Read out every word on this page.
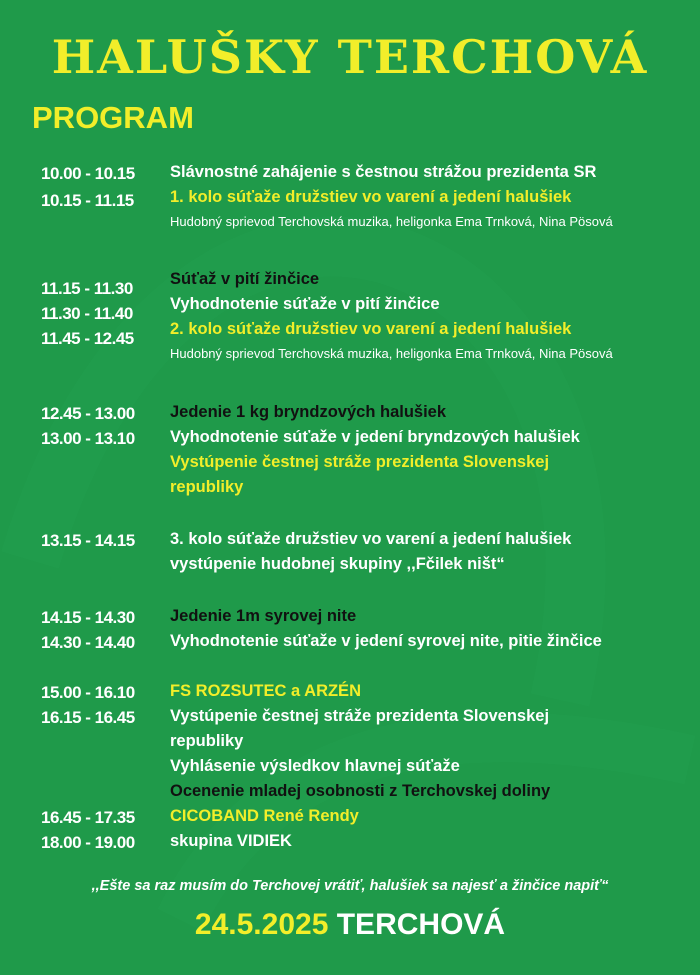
HALUŠKY TERCHOVÁ
PROGRAM
10.00 - 10.15
10.15 - 11.15
Slávnostné zahájenie s čestnou strážou prezidenta SR
1. kolo súťaže družstiev vo varení a jedení halušiek
Hudobný sprievod Terchovská muzika, heligonka Ema Trnková, Nina Pösová
11.15 - 11.30
11.30 - 11.40
11.45 - 12.45
Súťaž v pití žinčice
Vyhodnotenie súťaže v pití žinčice
2. kolo súťaže družstiev vo varení a jedení halušiek
Hudobný sprievod Terchovská muzika, heligonka Ema Trnková, Nina Pösová
12.45 - 13.00
13.00 - 13.10
Jedenie 1 kg bryndzových halušiek
Vyhodnotenie súťaže v jedení bryndzových halušiek
Vystúpenie čestnej stráže prezidenta Slovenskej republiky
13.15 - 14.15	3. kolo súťaže družstiev vo varení a jedení halušiek
vystúpenie hudobnej skupiny ,,Fčilek ništ“
14.15 - 14.30
14.30 - 14.40
Jedenie 1m syrovej nite
Vyhodnotenie súťaže v jedení syrovej nite, pitie žinčice
15.00 - 16.10
16.15 - 16.45
FS ROZSUTEC a ARZÉN
Vystúpenie čestnej stráže prezidenta Slovenskej republiky
Vyhlásenie výsledkov hlavnej súťaže
Ocenenie mladej osobnosti z Terchovskej doliny
16.45 - 17.35
18.00 - 19.00
CICOBAND René Rendy
skupina VIDIEK
,,Ešte sa raz musím do Terchovej vrátiť, halušiek sa najesť a žinčice napiť“
24.5.2025 TERCHOVÁ
